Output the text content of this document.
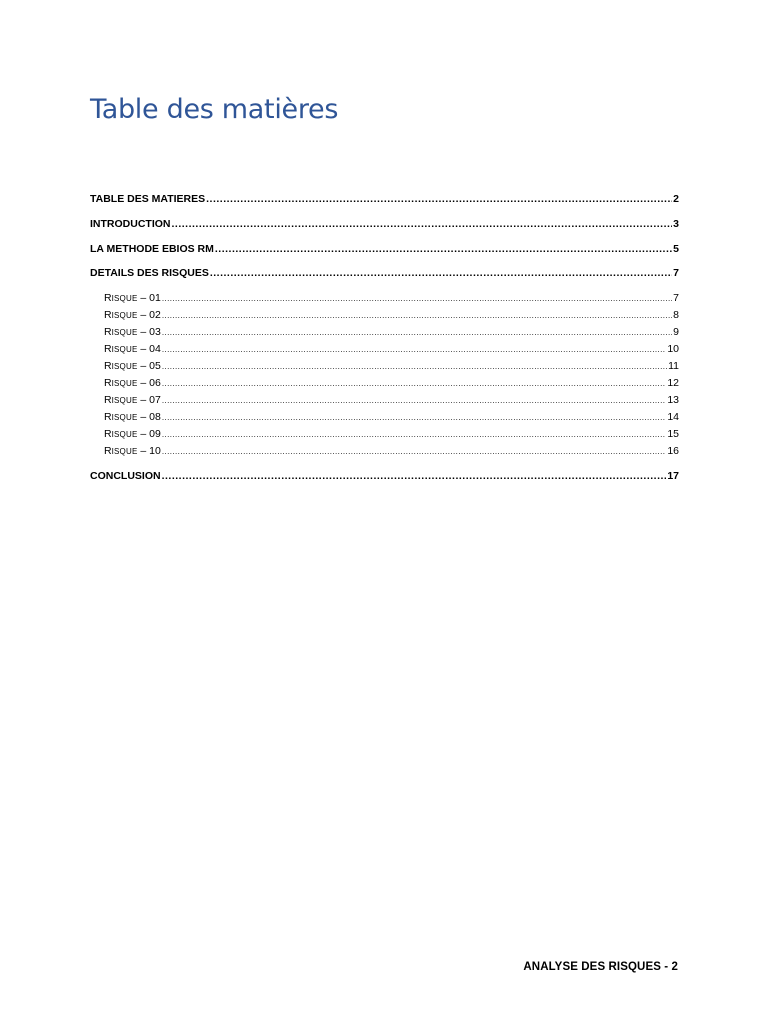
Table des matières
TABLE DES MATIERES .....	2
INTRODUCTION .....	3
LA METHODE EBIOS RM .....	5
DETAILS DES RISQUES .....	7
RISQUE – 01 .....	7
RISQUE – 02 .....	8
RISQUE – 03 .....	9
RISQUE – 04 .....	10
RISQUE – 05 .....	11
RISQUE – 06 .....	12
RISQUE – 07 .....	13
RISQUE – 08 .....	14
RISQUE – 09 .....	15
RISQUE – 10 .....	16
CONCLUSION .....	17
ANALYSE DES RISQUES - 2
